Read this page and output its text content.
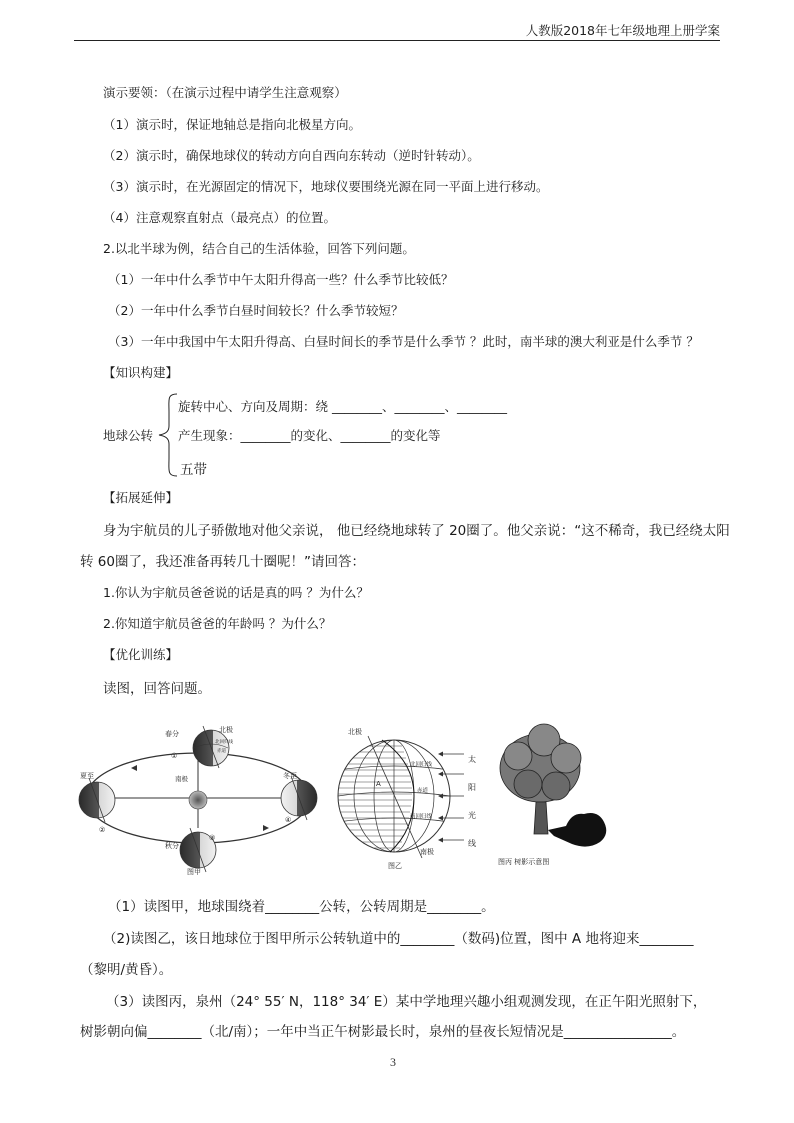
人教版2018年七年级地理上册学案
演示要领：（在演示过程中请学生注意观察）
（1）演示时，保证地轴总是指向北极星方向。
（2）演示时，确保地球仪的转动方向自西向东转动（逆时针转动）。
（3）演示时，在光源固定的情况下，地球仪要围绕光源在同一平面上进行移动。
（4）注意观察直射点（最亮点）的位置。
2.以北半球为例，结合自己的生活体验，回答下列问题。
（1）一年中什么季节中午太阳升得高一些？什么季节比较低？
（2）一年中什么季节白昼时间较长？什么季节较短？
（3）一年中我国中午太阳升得高、白昼时间长的季节是什么季节 ？此时，南半球的澳大利亚是什么季节 ？
【知识构建】
地球公转
旋转中心、方向及周期：绕 ________、________、________
产生现象：________的变化、________的变化等
五带
【拓展延伸】
身为宇航员的儿子骄傲地对他父亲说， 他已经绕地球转了 20圈了。他父亲说：“这不稀奇，我已经绕太阳
转 60圈了，我还准备再转几十圈呢！”请回答：
1.你认为宇航员爸爸说的话是真的吗 ？为什么？
2.你知道宇航员爸爸的年龄吗 ？为什么？
【优化训练】
读图，回答问题。
北极
春分
夏至	冬至
秋分
南极
北回归线
赤道
①
②
③
④
图甲
北极
南极
北回归线
赤道
南回归线
A
太
阳
光
线
图乙	图丙 树影示意图
（1）读图甲，地球围绕着________公转，公转周期是________。
（2)读图乙，该日地球位于图甲所示公转轨道中的________（数码)位置，图中 A 地将迎来________
（黎明/黄昏）。
（3）读图丙，泉州（24° 55′ N，118° 34′ E）某中学地理兴趣小组观测发现，在正午阳光照射下，
树影朝向偏________（北/南）；一年中当正午树影最长时，泉州的昼夜长短情况是________________。
3
